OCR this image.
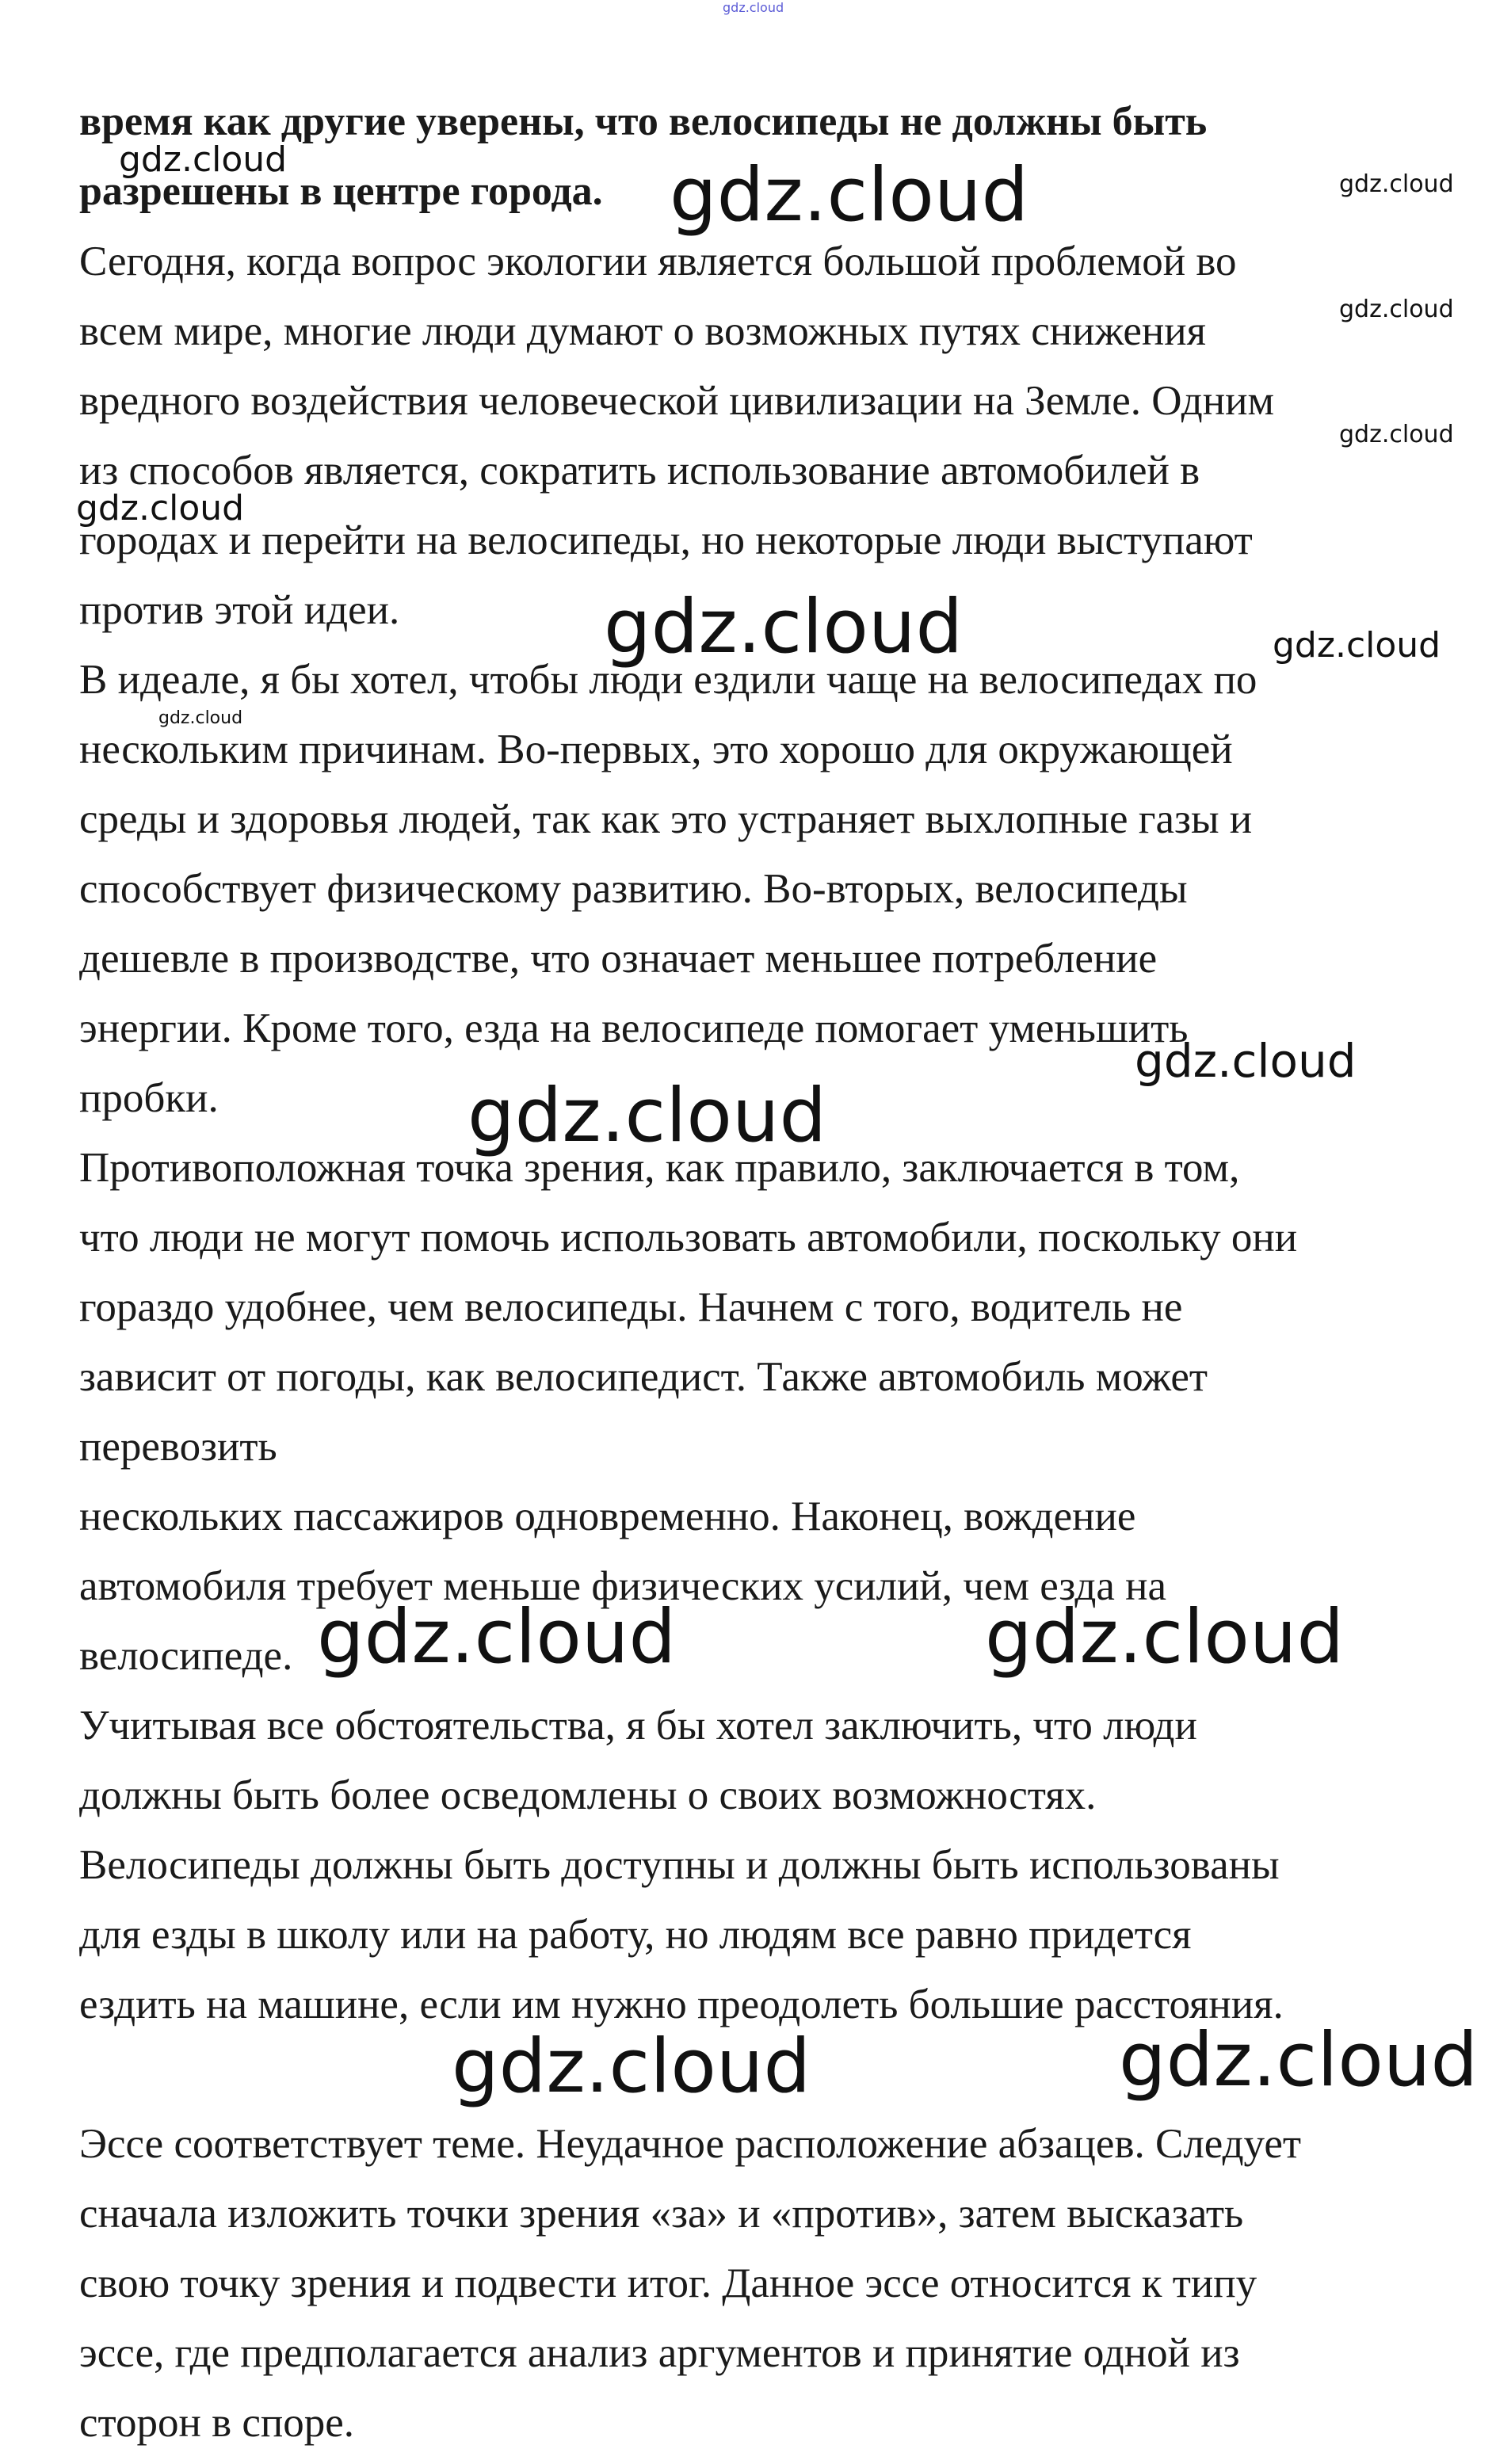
время как другие уверены, что велосипеды не должны быть
разрешены в центре города.
Сегодня, когда вопрос экологии является большой проблемой во
всем мире, многие люди думают о возможных путях снижения
вредного воздействия человеческой цивилизации на Земле. Одним
из способов является, сократить использование автомобилей в
городах и перейти на велосипеды, но некоторые люди выступают
против этой идеи.
В идеале, я бы хотел, чтобы люди ездили чаще на велосипедах по
нескольким причинам. Во-первых, это хорошо для окружающей
среды и здоровья людей, так как это устраняет выхлопные газы и
способствует физическому развитию. Во-вторых, велосипеды
дешевле в производстве, что означает меньшее потребление
энергии. Кроме того, езда на велосипеде помогает уменьшить
пробки.
Противоположная точка зрения, как правило, заключается в том,
что люди не могут помочь использовать автомобили, поскольку они
гораздо удобнее, чем велосипеды. Начнем с того, водитель не
зависит от погоды, как велосипедист. Также автомобиль может
перевозить
нескольких пассажиров одновременно. Наконец, вождение
автомобиля требует меньше физических усилий, чем езда на
велосипеде.
Учитывая все обстоятельства, я бы хотел заключить, что люди
должны быть более осведомлены о своих возможностях.
Велосипеды должны быть доступны и должны быть использованы
для езды в школу или на работу, но людям все равно придется
ездить на машине, если им нужно преодолеть большие расстояния.
Эссе соответствует теме. Неудачное расположение абзацев. Следует
сначала изложить точки зрения «за» и «против», затем высказать
свою точку зрения и подвести итог. Данное эссе относится к типу
эссе, где предполагается анализ аргументов и принятие одной из
сторон в споре.
gdz.cloud
gdz.cloud	gdz.cloud	gdz.cloud
gdz.cloud
gdz.cloud
gdz.cloud
gdz.cloud	gdz.cloud
gdz.cloud
gdz.cloud
gdz.cloud
gdz.cloud	gdz.cloud
gdz.cloud	gdz.cloud
